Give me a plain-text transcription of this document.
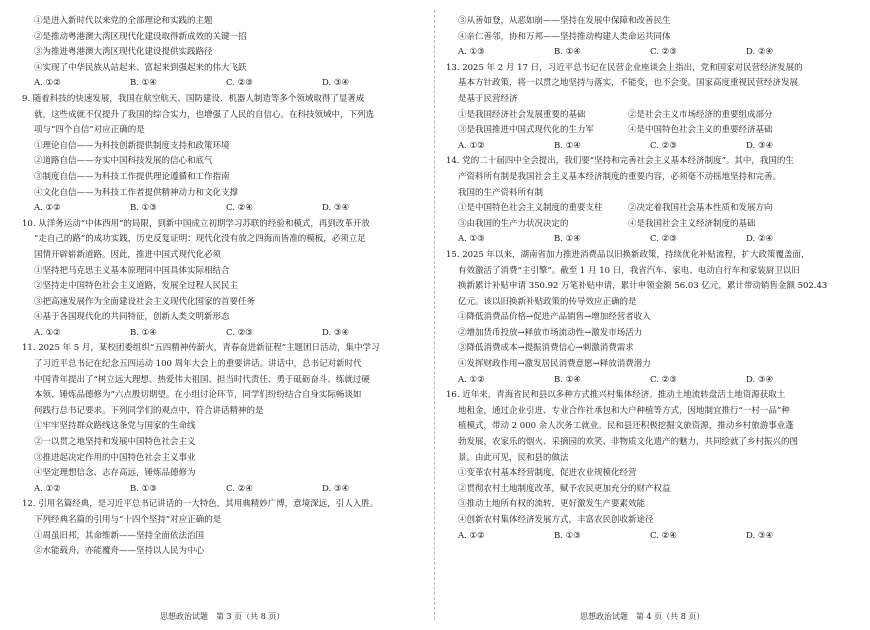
①是进入新时代以来党的全部理论和实践的主题
②是推动粤港澳大湾区现代化建设取得新成效的关键一招
③为推进粤港澳大湾区现代化建设提供实践路径
④实现了中华民族从站起来、富起来到强起来的伟大飞跃
A. ①②	B. ①④	C. ②③	D. ③④
9. 随着科技的快速发展，我国在航空航天、国防建设、机器人制造等多个领域取得了显著成
就，这些成就不仅提升了我国的综合实力，也增强了人民的自信心。在科技领域中，下列选
项与“四个自信”对应正确的是
①理论自信——为科技创新提供制度支持和政策环境
②道路自信——夯实中国科技发展的信心和底气
③制度自信——为科技工作提供理论遵循和工作指南
④文化自信——为科技工作者提供精神动力和文化支撑
A. ①②	B. ①③	C. ②④	D. ③④
10. 从洋务运动“中体西用”的局限，到新中国成立初期学习苏联的经验和模式，再到改革开放
“走自己的路”的成功实践，历史反复证明：现代化没有放之四海而皆准的模板，必须立足
国情开辟崭新道路。因此，推进中国式现代化必须
①坚持把马克思主义基本原理同中国具体实际相结合
②坚持走中国特色社会主义道路，发展全过程人民民主
③把高速发展作为全面建设社会主义现代化国家的首要任务
④基于各国现代化的共同特征，创新人类文明新形态
A. ①②	B. ①④	C. ②③	D. ③④
11. 2025 年 5 月，某校团委组织“五四精神传薪火，青春奋进新征程”主题团日活动，集中学习
了习近平总书记在纪念五四运动 100 周年大会上的重要讲话。讲话中，总书记对新时代
中国青年提出了“树立远大理想、热爱伟大祖国、担当时代责任、勇于砥砺奋斗、练就过硬
本领、锤炼品德修为”六点殷切期望。在小组讨论环节，同学们纷纷结合自身实际畅谈如
何践行总书记要求。下列同学们的观点中，符合讲话精神的是
①牢牢坚持群众路线这条党与国家的生命线
②一以贯之地坚持和发展中国特色社会主义
③推进起决定作用的中国特色社会主义事业
④坚定理想信念、志存高远，锤炼品德修为
A. ①②	B. ①③	C. ②④	D. ③④
12. 引用名篇经典，是习近平总书记讲话的一大特色，其用典精妙广博，意境深远，引人入胜。
下列经典名篇的引用与“十四个坚持”对应正确的是
①周虽旧邦，其命维新——坚持全面依法治国
②水能载舟，亦能覆舟——坚持以人民为中心
③从善如登，从恶如崩——坚持在发展中保障和改善民生
④亲仁善邻，协和万邦——坚持推动构建人类命运共同体
A. ①③	B. ①④	C. ②③	D. ②④
13. 2025 年 2 月 17 日，习近平总书记在民营企业座谈会上指出，党和国家对民营经济发展的
基本方针政策，将一以贯之地坚持与落实，不能变，也不会变。国家高度重视民营经济发展
是基于民营经济
①是我国经济社会发展重要的基础　　　　　②是社会主义市场经济的重要组成部分
③是我国推进中国式现代化的生力军　　　　④是中国特色社会主义的重要经济基础
A. ①②	B. ①④	C. ②③	D. ③④
14. 党的二十届四中全会提出，我们要“坚持和完善社会主义基本经济制度”。其中，我国的生
产资料所有制是我国社会主义基本经济制度的重要内容，必须毫不动摇地坚持和完善。
我国的生产资料所有制
①是中国特色社会主义制度的重要支柱　　　②决定着我国社会基本性质和发展方向
③由我国的生产力状况决定的　　　　　　　④是我国社会主义经济制度的基础
A. ①③	B. ①④	C. ②③	D. ②④
15. 2025 年以来，湖南省加力推进消费品以旧换新政策，持续优化补贴流程，扩大政策覆盖面，
有效激活了消费“主引擎”。截至 1 月 10 日，我省汽车、家电、电动自行车和家装厨卫以旧
换新累计补贴申请 350.92 万笔补贴申请，累计申领金额 56.03 亿元，累计带动销售金额 502.43
亿元。该以旧换新补贴政策的传导效应正确的是
①降低消费品价格→促进产品销售→增加经营者收入
②增加货币投放→释放市场流动性→激发市场活力
③降低消费成本→提振消费信心→刺激消费需求
④发挥财政作用→激发居民消费意愿→释放消费潜力
A. ①②	B. ①④	C. ②③	D. ③④
16. 近年来，青海省民和县以多种方式推兴村集体经济。推动土地流转盘活土地资源获取土
地租金，通过企业引进、专业合作社承包和大户种植等方式，因地制宜推行“一村一品”种
植模式，带动 2 000 余人次务工就业。民和县还积极挖掘文旅资源，推动乡村旅游事业蓬
勃发展，农家乐的烟火、采摘园的欢笑、非物质文化遗产的魅力，共同绘就了乡村振兴的图
景。由此可见，民和县的做法
①变革农村基本经营制度，促进农业规模化经营
②贯彻农村土地制度改革，赋予农民更加充分的财产权益
③推动土地所有权的流转，更好激发生产要素效能
④创新农村集体经济发展方式，丰富农民创收新途径
A. ①②	B. ①③	C. ②④	D. ③④
思想政治试题　第 3 页（共 8 页）	思想政治试题　第 4 页（共 8 页）
